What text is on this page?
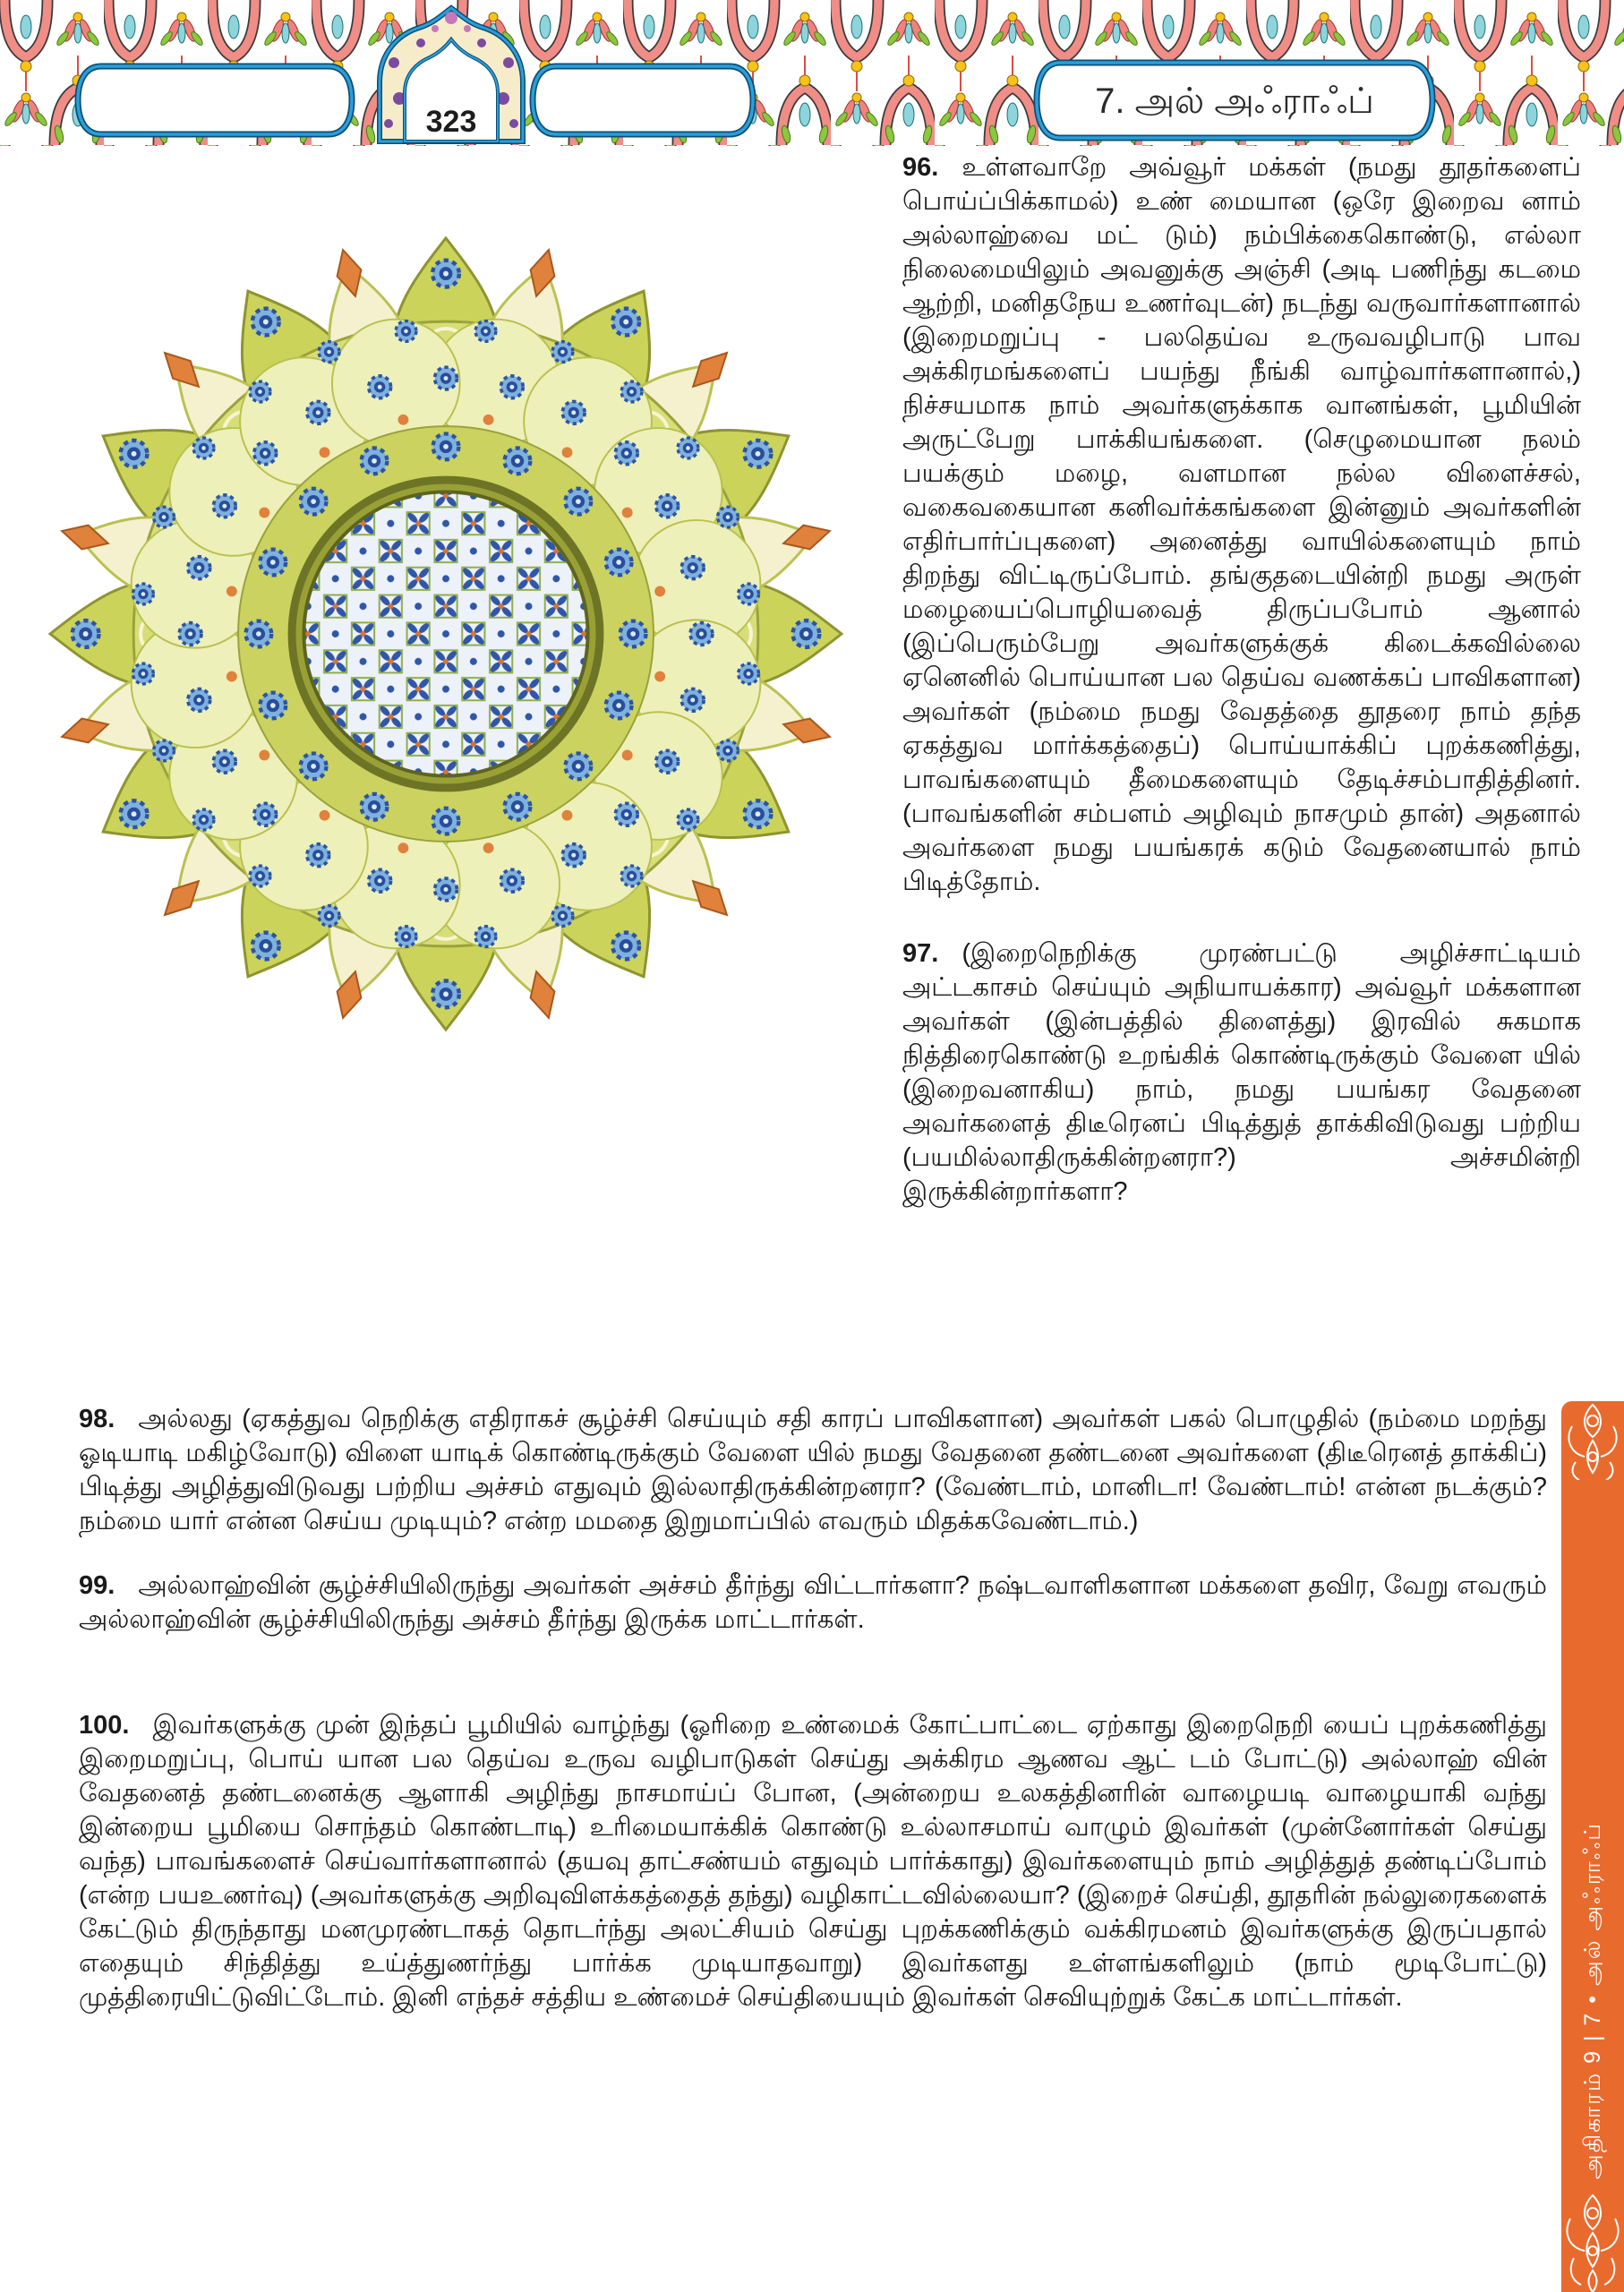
323
7. அல் அஃராஃப்

96. உள்ளவாறே அவ்வூர் மக்கள் (நமது தூதர்களைப் பொய்ப்பிக்காமல்) உண் மையான (ஒரே இறைவ னாம் அல்லாஹ்வை மட் டும்) நம்பிக்கைகொண்டு, எல்லா நிலைமையிலும் அவனுக்கு அஞ்சி (அடி பணிந்து கடமை ஆற்றி, மனிதநேய உணர்வுடன்) நடந்து வருவார்களானால் (இறைமறுப்பு - பலதெய்வ உருவவழிபாடு பாவ அக்கிரமங்களைப் பயந்து நீங்கி வாழ்வார்களானால்,) நிச்சயமாக நாம் அவர்களுக்காக வானங்கள், பூமியின் அருட்பேறு பாக்கியங்களை. (செழுமையான நலம் பயக்கும் மழை, வளமான நல்ல விளைச்சல், வகைவகையான கனிவர்க்கங்களை இன்னும் அவர்களின் எதிர்பார்ப்புகளை) அனைத்து வாயில்களையும் நாம் திறந்து விட்டிருப்போம். தங்குதடையின்றி நமது அருள் மழையைப்பொழியவைத் திருப்பபோம் ஆனால் (இப்பெரும்பேறு அவர்களுக்குக் கிடைக்கவில்லை ஏனெனில் பொய்யான பல தெய்வ வணக்கப் பாவிகளான) அவர்கள் (நம்மை நமது வேதத்தை தூதரை நாம் தந்த ஏகத்துவ மார்க்கத்தைப்) பொய்யாக்கிப் புறக்கணித்து, பாவங்களையும் தீமைகளையும் தேடிச்சம்பாதித்தினர். (பாவங்களின் சம்பளம் அழிவும் நாசமும் தான்) அதனால் அவர்களை நமது பயங்கரக் கடும் வேதனையால் நாம் பிடித்தோம்.

97. (இறைநெறிக்கு முரண்பட்டு அழிச்சாட்டியம் அட்டகாசம் செய்யும் அநியாயக்கார) அவ்வூர் மக்களான அவர்கள் (இன்பத்தில் திளைத்து) இரவில் சுகமாக நித்திரைகொண்டு உறங்கிக் கொண்டிருக்கும் வேளை யில் (இறைவனாகிய) நாம், நமது பயங்கர வேதனை அவர்களைத் திடீரெனப் பிடித்துத் தாக்கிவிடுவது பற்றிய (பயமில்லாதிருக்கின்றனரா?) அச்சமின்றி இருக்கின்றார்களா?

98. அல்லது (ஏகத்துவ நெறிக்கு எதிராகச் சூழ்ச்சி செய்யும் சதி காரப் பாவிகளான) அவர்கள் பகல் பொழுதில் (நம்மை மறந்து ஓடியாடி மகிழ்வோடு) விளை யாடிக் கொண்டிருக்கும் வேளை யில் நமது வேதனை தண்டனை அவர்களை (திடீரெனத் தாக்கிப்) பிடித்து அழித்துவிடுவது பற்றிய அச்சம் எதுவும் இல்லாதிருக்கின்றனரா? (வேண்டாம், மானிடா! வேண்டாம்! என்ன நடக்கும்? நம்மை யார் என்ன செய்ய முடியும்? என்ற மமதை இறுமாப்பில் எவரும் மிதக்கவேண்டாம்.)

99. அல்லாஹ்வின் சூழ்ச்சியிலிருந்து அவர்கள் அச்சம் தீர்ந்து விட்டார்களா? நஷ்டவாளிகளான மக்களை தவிர, வேறு எவரும் அல்லாஹ்வின் சூழ்ச்சியிலிருந்து அச்சம் தீர்ந்து இருக்க மாட்டார்கள்.

100. இவர்களுக்கு முன் இந்தப் பூமியில் வாழ்ந்து (ஓரிறை உண்மைக் கோட்பாட்டை ஏற்காது இறைநெறி யைப் புறக்கணித்து இறைமறுப்பு, பொய் யான பல தெய்வ உருவ வழிபாடுகள் செய்து அக்கிரம ஆணவ ஆட் டம் போட்டு) அல்லாஹ் வின் வேதனைத் தண்டனைக்கு ஆளாகி அழிந்து நாசமாய்ப் போன, (அன்றைய உலகத்தினரின் வாழையடி வாழையாகி வந்து இன்றைய பூமியை சொந்தம் கொண்டாடி) உரிமையாக்கிக் கொண்டு உல்லாசமாய் வாழும் இவர்கள் (முன்னோர்கள் செய்து வந்த) பாவங்களைச் செய்வார்களானால் (தயவு தாட்சண்யம் எதுவும் பார்க்காது) இவர்களையும் நாம் அழித்துத் தண்டிப்போம் (என்ற பயஉணர்வு) (அவர்களுக்கு அறிவுவிளக்கத்தைத் தந்து) வழிகாட்டவில்லையா? (இறைச் செய்தி, தூதரின் நல்லுரைகளைக் கேட்டும் திருந்தாது மனமுரண்டாகத் தொடர்ந்து அலட்சியம் செய்து புறக்கணிக்கும் வக்கிரமனம் இவர்களுக்கு இருப்பதால் எதையும் சிந்தித்து உய்த்துணர்ந்து பார்க்க முடியாதவாறு) இவர்களது உள்ளங்களிலும் (நாம் மூடிபோட்டு) முத்திரையிட்டுவிட்டோம். இனி எந்தச் சத்திய உண்மைச் செய்தியையும் இவர்கள் செவியுற்றுக் கேட்க மாட்டார்கள்.	அதிகாரம் 9 | 7 • அல் அஃராஃப்
